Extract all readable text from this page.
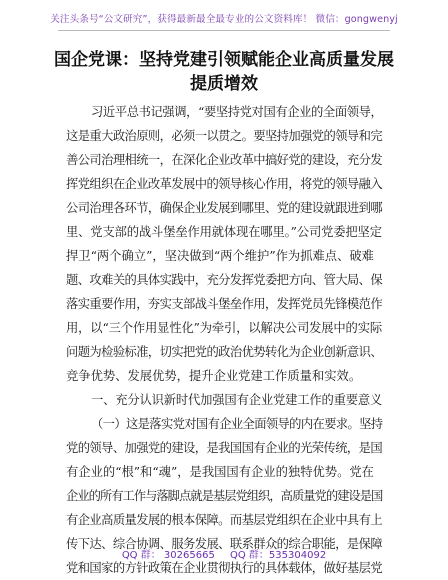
关注头条号“公文研究”，获得最新最全最专业的公文资料库！ 微信：gongwenyj
国企党课：坚持党建引领赋能企业高质量发展
提质增效
习近平总书记强调，“要坚持党对国有企业的全面领导，
这是重大政治原则，必须一以贯之。要坚持加强党的领导和完
善公司治理相统一，在深化企业改革中搞好党的建设，充分发
挥党组织在企业改革发展中的领导核心作用，将党的领导融入
公司治理各环节，确保企业发展到哪里、党的建设就跟进到哪
里、党支部的战斗堡垒作用就体现在哪里。”公司党委把坚定
捍卫“两个确立”，坚决做到“两个维护”作为抓难点、破难
题、攻难关的具体实践中，充分发挥党委把方向、管大局、保
落实重要作用，夯实支部战斗堡垒作用，发挥党员先锋模范作
用，以“三个作用显性化”为牵引，以解决公司发展中的实际
问题为检验标准，切实把党的政治优势转化为企业创新意识、
竞争优势、发展优势，提升企业党建工作质量和实效。
一、充分认识新时代加强国有企业党建工作的重要意义
（一）这是落实党对国有企业全面领导的内在要求。坚持
党的领导、加强党的建设，是我国国有企业的光荣传统，是国
有企业的“根”和“魂”，是我国国有企业的独特优势。党在
企业的所有工作与落脚点就是基层党组织，高质量党的建设是国
有企业高质量发展的根本保障。而基层党组织在企业中具有上
传下达、综合协调、服务发展、联系群众的综合职能，是保障
党和国家的方针政策在企业贯彻执行的具体载体，做好基层党
QQ 群： 30265665 QQ 群：535304092
